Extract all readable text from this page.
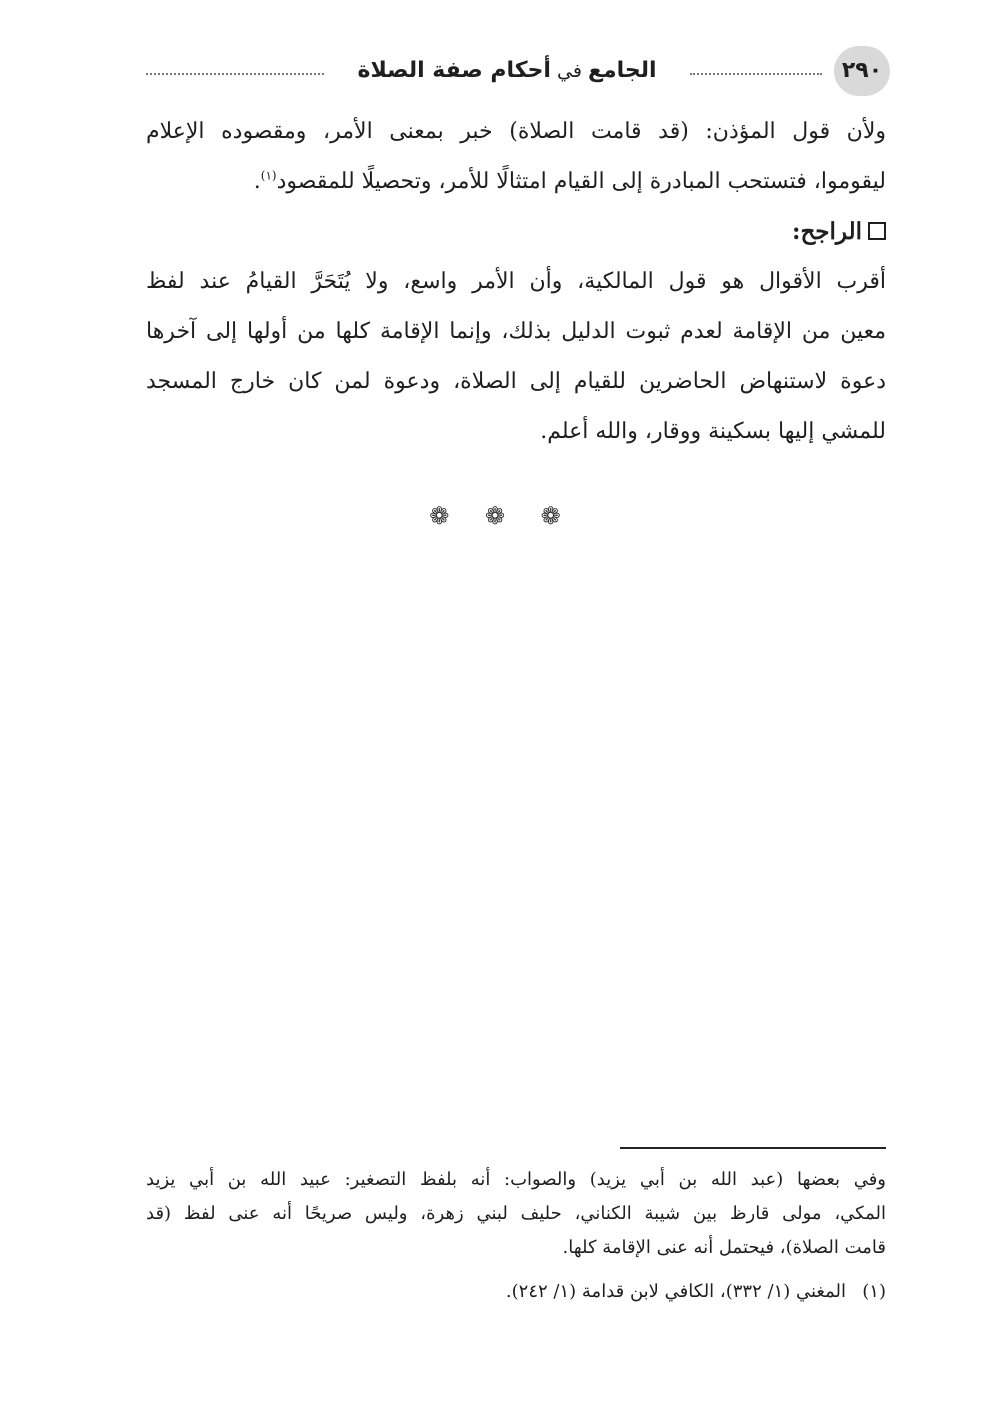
٢٩٠
الجامع في أحكام صفة الصلاة
ولأن قول المؤذن: (قد قامت الصلاة) خبر بمعنى الأمر، ومقصوده الإعلام
ليقوموا، فتستحب المبادرة إلى القيام امتثالًا للأمر، وتحصيلًا للمقصود$^{(١)}$.
الراجح:
أقرب الأقوال هو قول المالكية، وأن الأمر واسع، ولا يُتَحَرَّ القيامُ عند لفظ
معين من الإقامة لعدم ثبوت الدليل بذلك، وإنما الإقامة كلها من أولها إلى آخرها
دعوة لاستنهاض الحاضرين للقيام إلى الصلاة، ودعوة لمن كان خارج المسجد
للمشي إليها بسكينة ووقار، والله أعلم.
❁ ❁ ❁
وفي بعضها (عبد الله بن أبي يزيد) والصواب: أنه بلفظ التصغير: عبيد الله بن أبي يزيد
المكي، مولى قارظ بين شيبة الكناني، حليف لبني زهرة، وليس صريحًا أنه عنى لفظ (قد
قامت الصلاة)، فيحتمل أنه عنى الإقامة كلها.
(١)المغني (١/ ٣٣٢)، الكافي لابن قدامة (١/ ٢٤٢).
